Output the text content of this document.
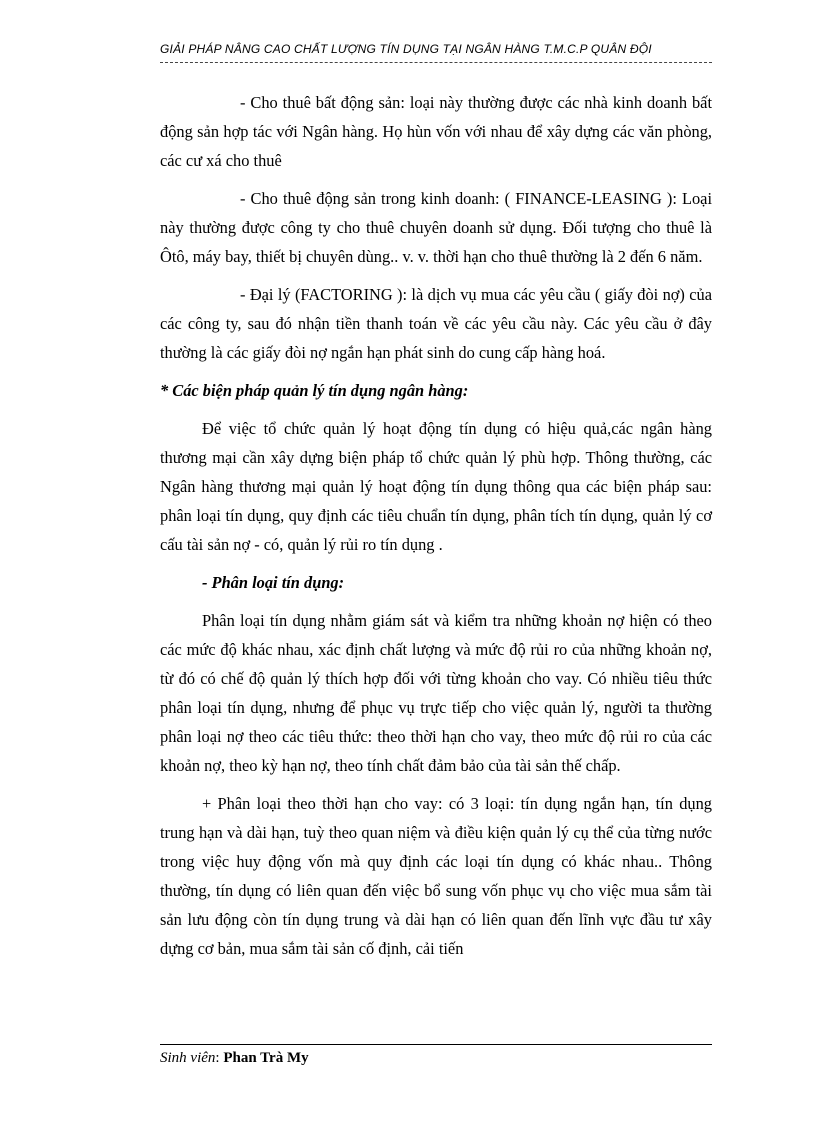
GIẢI PHÁP NÂNG CAO CHẤT LƯỢNG TÍN DỤNG TẠI NGÂN HÀNG T.M.C.P QUÂN ĐỘI

- Cho thuê bất động sản: loại này thường được các nhà kinh doanh bất động sản hợp tác với Ngân hàng. Họ hùn vốn với nhau để xây dựng các văn phòng, các cư xá cho thuê

- Cho thuê động sản trong kinh doanh: ( FINANCE-LEASING ): Loại này thường được công ty cho thuê chuyên doanh sử dụng. Đối tượng cho thuê là Ôtô, máy bay, thiết bị chuyên dùng.. v. v. thời hạn cho thuê thường là 2 đến 6 năm.

- Đại lý (FACTORING ): là dịch vụ mua các yêu cầu ( giấy đòi nợ) của các công ty, sau đó nhận tiền thanh toán về các yêu cầu này. Các yêu cầu ở đây thường là các giấy đòi nợ ngắn hạn phát sinh do cung cấp hàng hoá.

* Các biện pháp quản lý tín dụng ngân hàng:

Để việc tổ chức quản lý hoạt động tín dụng có hiệu quả,các ngân hàng thương mại cần xây dựng biện pháp tổ chức quản lý phù hợp. Thông thường, các Ngân hàng thương mại quản lý hoạt động tín dụng thông qua các biện pháp sau: phân loại tín dụng, quy định các tiêu chuẩn tín dụng, phân tích tín dụng, quản lý cơ cấu tài sản nợ - có, quản lý rủi ro tín dụng .

- Phân loại tín dụng:

Phân loại tín dụng nhằm giám sát và kiểm tra những khoản nợ hiện có theo các mức độ khác nhau, xác định chất lượng và mức độ rủi ro của những khoản nợ, từ đó có chế độ quản lý thích hợp đối với từng khoản cho vay. Có nhiều tiêu thức phân loại tín dụng, nhưng để phục vụ trực tiếp cho việc quản lý, người ta thường phân loại nợ theo các tiêu thức: theo thời hạn cho vay, theo mức độ rủi ro của các khoản nợ, theo kỳ hạn nợ, theo tính chất đảm bảo của tài sản thế chấp.

+ Phân loại theo thời hạn cho vay: có 3 loại: tín dụng ngắn hạn, tín dụng trung hạn và dài hạn, tuỳ theo quan niệm và điều kiện quản lý cụ thể của từng nước trong việc huy động vốn mà quy định các loại tín dụng có khác nhau.. Thông thường, tín dụng có liên quan đến việc bổ sung vốn phục vụ cho việc mua sắm tài sản lưu động còn tín dụng trung và dài hạn có liên quan đến lĩnh vực đầu tư xây dựng cơ bản, mua sắm tài sản cố định, cải tiến

Sinh viên: Phan Trà My
